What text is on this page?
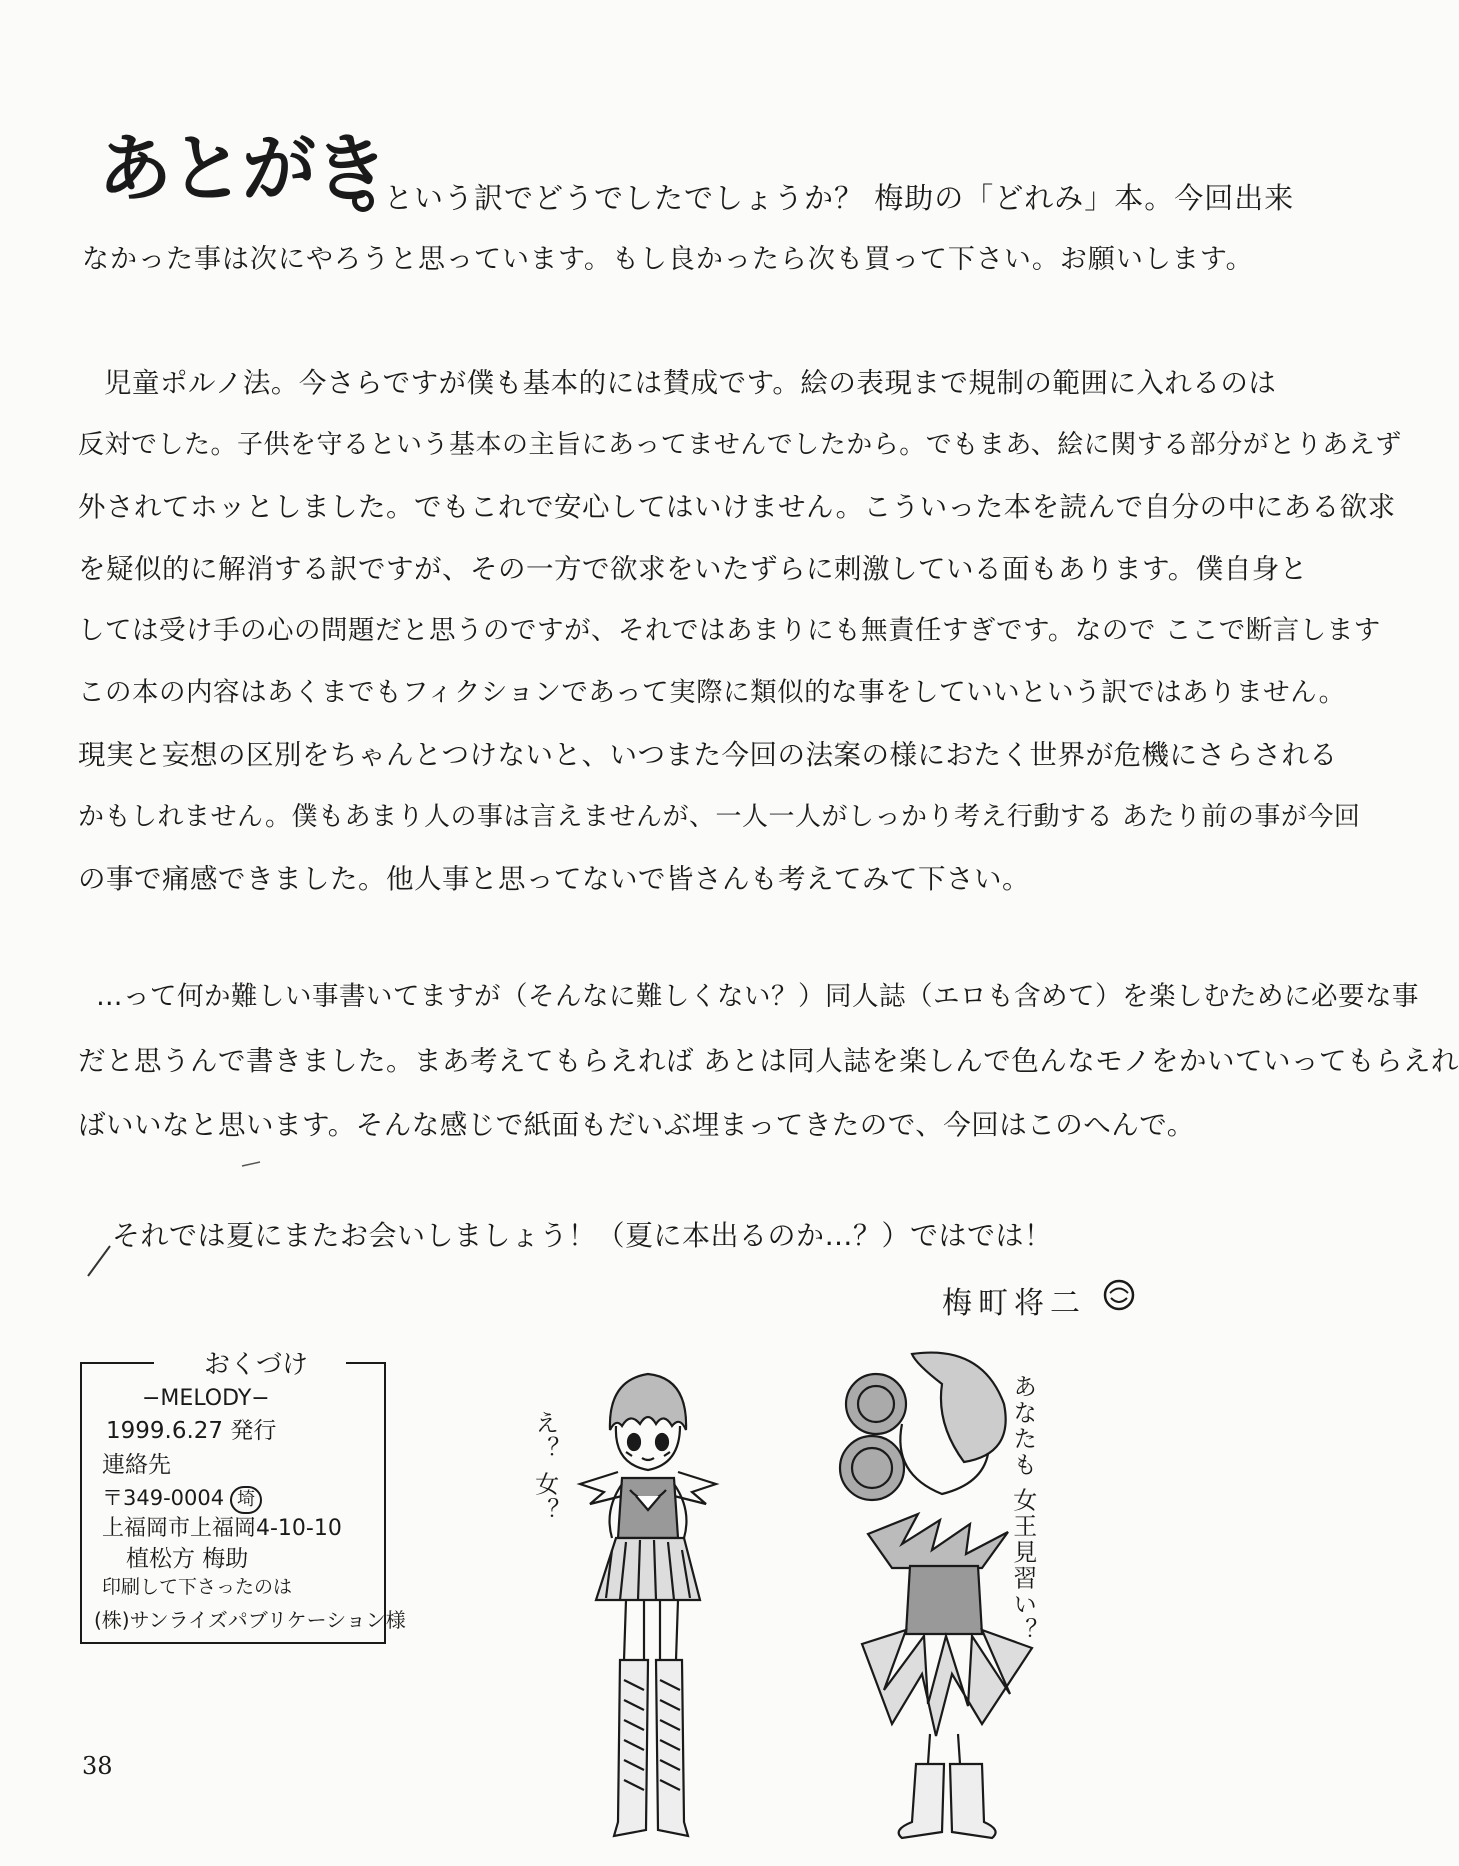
あとがき
という訳でどうでしたでしょうか？ 梅助の「どれみ」本。今回出来
なかった事は次にやろうと思っています。もし良かったら次も買って下さい。お願いします。
児童ポルノ法。今さらですが僕も基本的には賛成です。絵の表現まで規制の範囲に入れるのは
反対でした。子供を守るという基本の主旨にあってませんでしたから。でもまあ、絵に関する部分がとりあえず
外されてホッとしました。でもこれで安心してはいけません。こういった本を読んで自分の中にある欲求
を疑似的に解消する訳ですが、その一方で欲求をいたずらに刺激している面もあります。僕自身と
しては受け手の心の問題だと思うのですが、それではあまりにも無責任すぎです。なので ここで断言します
この本の内容はあくまでもフィクションであって実際に類似的な事をしていいという訳ではありません。
現実と妄想の区別をちゃんとつけないと、いつまた今回の法案の様におたく世界が危機にさらされる
かもしれません。僕もあまり人の事は言えませんが、一人一人がしっかり考え行動する あたり前の事が今回
の事で痛感できました。他人事と思ってないで皆さんも考えてみて下さい。
…って何か難しい事書いてますが（そんなに難しくない？）同人誌（エロも含めて）を楽しむために必要な事
だと思うんで書きました。まあ考えてもらえれば あとは同人誌を楽しんで色んなモノをかいていってもらえれ
ばいいなと思います。そんな感じで紙面もだいぶ埋まってきたので、今回はこのへんで。
それでは夏にまたお会いしましょう！（夏に本出るのか…？）ではでは！
梅町将二
おくづけ
−MELODY−
1999.6.27 発行
連絡先
〒349-0004 埼
上福岡市上福岡4-10-10
植松方 梅助
印刷して下さったのは
(株)サンライズパブリケーション様
え？ 女？	あなたも 女王見習い？
38
